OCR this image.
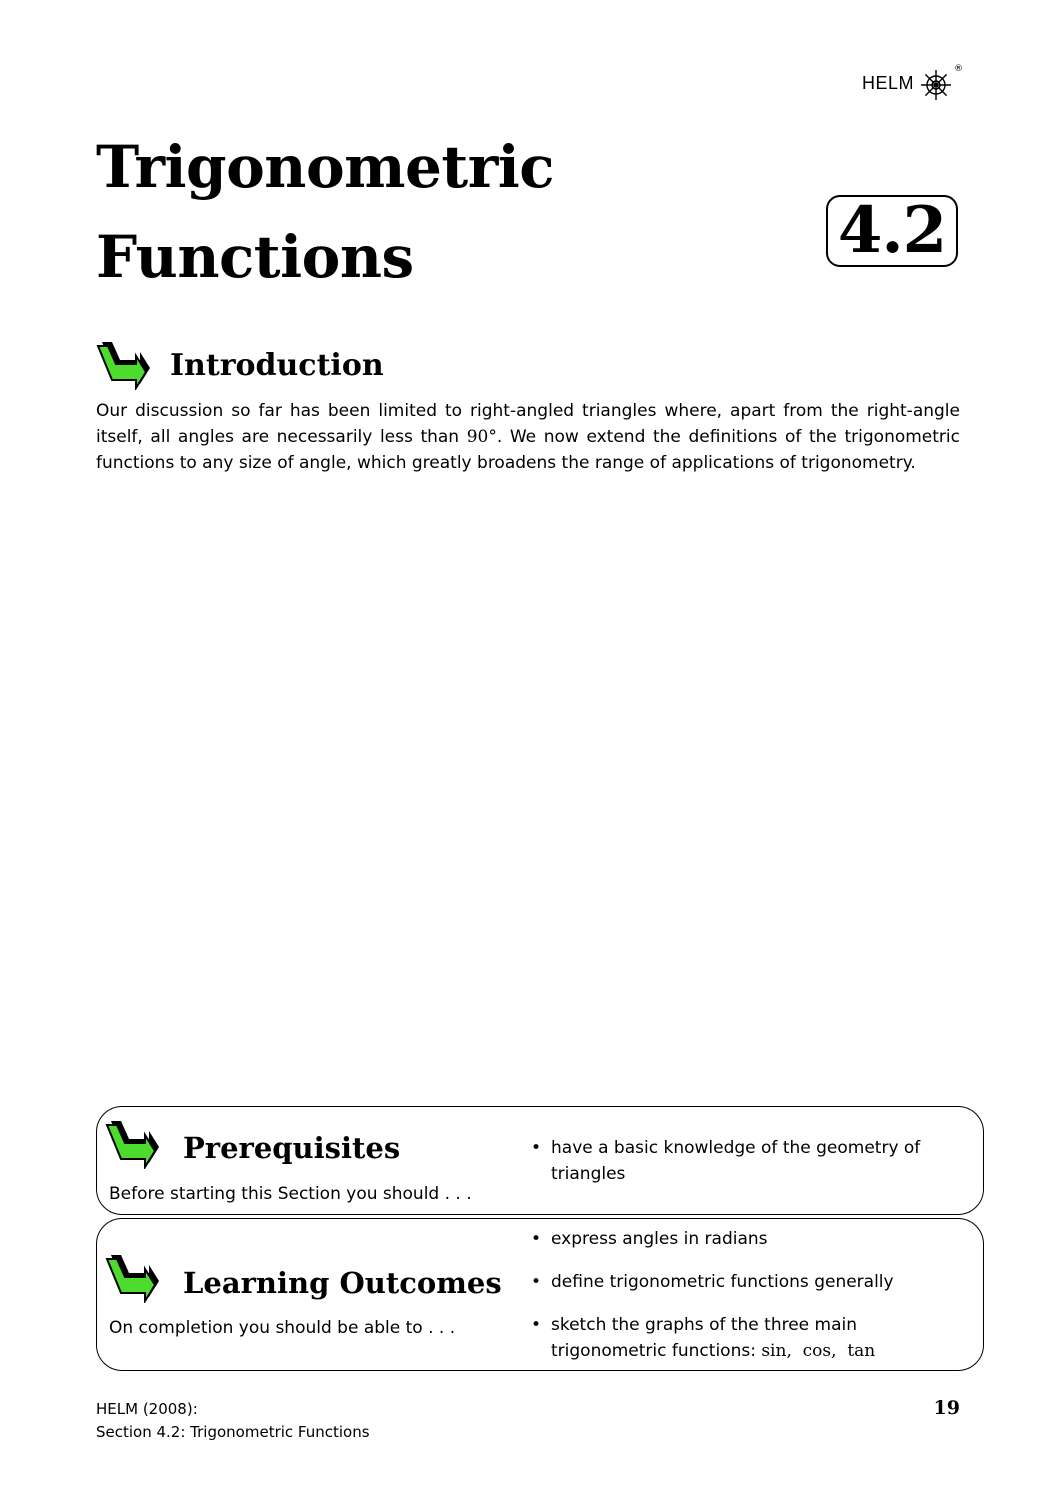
HELM
®
Trigonometric Functions	4.2
Introduction

Our discussion so far has been limited to right-angled triangles where, apart from the right-angle itself, all angles are necessarily less than 90°. We now extend the definitions of the trigonometric functions to any size of angle, which greatly broadens the range of applications of trigonometry.

Prerequisites
Before starting this Section you should . . .
• have a basic knowledge of the geometry of triangles
Learning Outcomes
On completion you should be able to . . .
• express angles in radians
• define trigonometric functions generally
• sketch the graphs of the three main trigonometric functions: sin,  cos,  tan
HELM (2008):
Section 4.2: Trigonometric Functions
19
